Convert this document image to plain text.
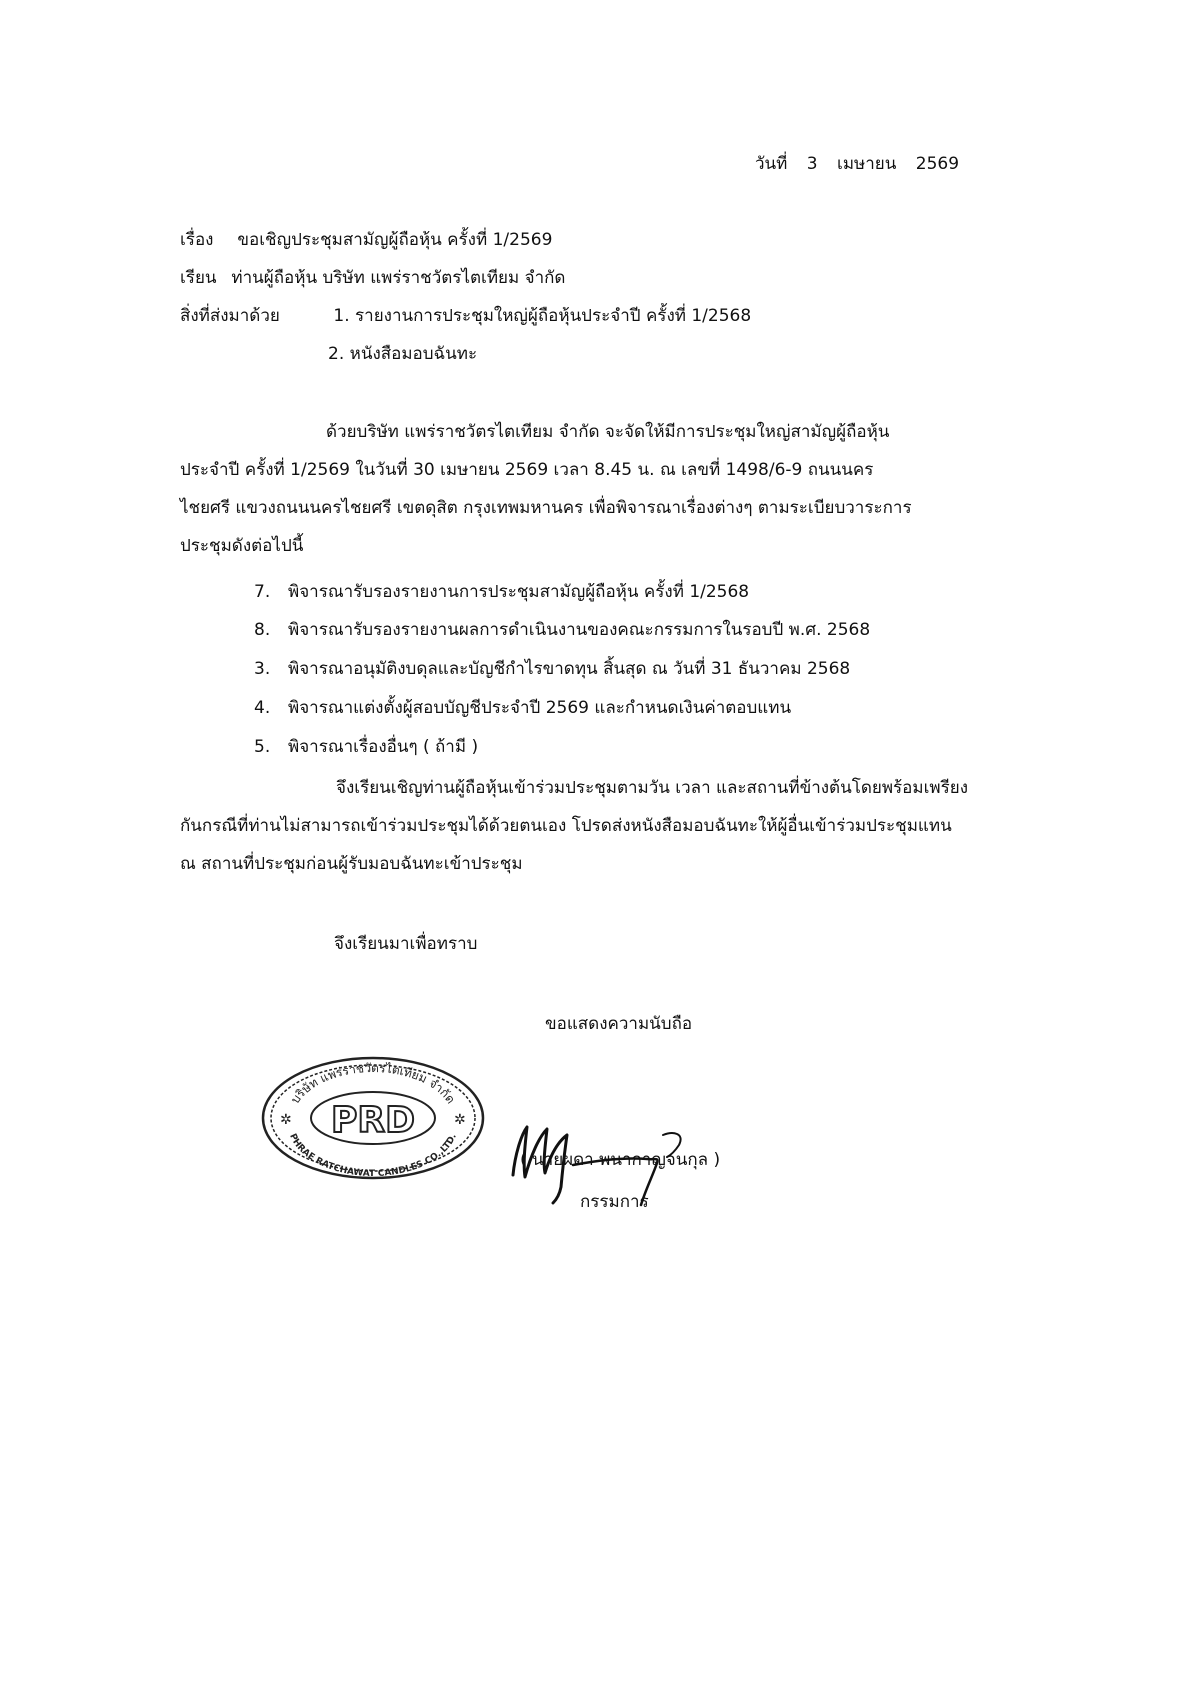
วันที่ 3 เมษายน 2569
เรื่อง ขอเชิญประชุมสามัญผู้ถือหุ้น ครั้งที่ 1/2569
เรียน ท่านผู้ถือหุ้น บริษัท แพร่ราชวัตรไตเทียม จำกัด
สิ่งที่ส่งมาด้วย	1. รายงานการประชุมใหญ่ผู้ถือหุ้นประจำปี ครั้งที่ 1/2568
2. หนังสือมอบฉันทะ
ด้วยบริษัท แพร่ราชวัตรไตเทียม จำกัด จะจัดให้มีการประชุมใหญ่สามัญผู้ถือหุ้น
ประจำปี ครั้งที่ 1/2569 ในวันที่ 30 เมษายน 2569 เวลา 8.45 น. ณ เลขที่ 1498/6-9 ถนนนคร
ไชยศรี แขวงถนนนครไชยศรี เขตดุสิต กรุงเทพมหานคร เพื่อพิจารณาเรื่องต่างๆ ตามระเบียบวาระการ
ประชุมดังต่อไปนี้
7. พิจารณารับรองรายงานการประชุมสามัญผู้ถือหุ้น ครั้งที่ 1/2568
8. พิจารณารับรองรายงานผลการดำเนินงานของคณะกรรมการในรอบปี พ.ศ. 2568
3. พิจารณาอนุมัติงบดุลและบัญชีกำไรขาดทุน สิ้นสุด ณ วันที่ 31 ธันวาคม 2568
4. พิจารณาแต่งตั้งผู้สอบบัญชีประจำปี 2569 และกำหนดเงินค่าตอบแทน
5. พิจารณาเรื่องอื่นๆ ( ถ้ามี )
จึงเรียนเชิญท่านผู้ถือหุ้นเข้าร่วมประชุมตามวัน เวลา และสถานที่ข้างต้นโดยพร้อมเพรียง
กันกรณีที่ท่านไม่สามารถเข้าร่วมประชุมได้ด้วยตนเอง โปรดส่งหนังสือมอบฉันทะให้ผู้อื่นเข้าร่วมประชุมแทน
ณ สถานที่ประชุมก่อนผู้รับมอบฉันทะเข้าประชุม
จึงเรียนมาเพื่อทราบ
ขอแสดงความนับถือ
บริษัท แพร่ราชวัตรไตเทียม จำกัด
PRD
PHRAE RATCHAWAT CANDLES CO.,LTD.
✲	✲
( นายผดา พนากาญจนกุล )
กรรมการ
